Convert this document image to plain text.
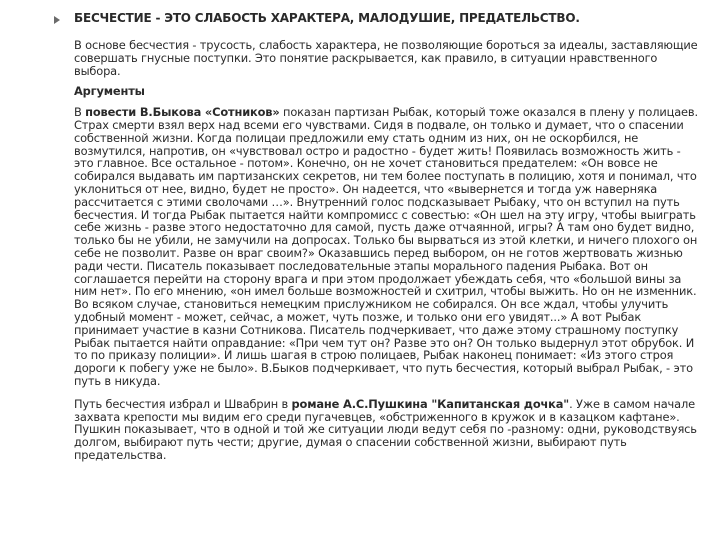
БЕСЧЕСТИЕ - ЭТО СЛАБОСТЬ ХАРАКТЕРА, МАЛОДУШИЕ, ПРЕДАТЕЛЬСТВО.

В основе бесчестия - трусость, слабость характера, не позволяющие бороться за идеалы, заставляющие совершать гнусные поступки. Это понятие раскрывается, как правило, в ситуации нравственного выбора.

Аргументы

В повести В.Быкова «Сотников» показан партизан Рыбак, который тоже оказался в плену у полицаев. Страх смерти взял верх над всеми его чувствами. Сидя в подвале, он только и думает, что о спасении собственной жизни. Когда полицаи предложили ему стать одним из них, он не оскорбился, не возмутился, напротив, он «чувствовал остро и радостно - будет жить! Появилась возможность жить - это главное. Все остальное - потом». Конечно, он не хочет становиться предателем: «Он вовсе не собирался выдавать им партизанских секретов, ни тем более поступать в полицию, хотя и понимал, что уклониться от нее, видно, будет не просто». Он надеется, что «вывернется и тогда уж наверняка рассчитается с этими сволочами …». Внутренний голос подсказывает Рыбаку, что он вступил на путь бесчестия. И тогда Рыбак пытается найти компромисс с совестью: «Он шел на эту игру, чтобы выиграть себе жизнь - разве этого недостаточно для самой, пусть даже отчаянной, игры? А там оно будет видно, только бы не убили, не замучили на допросах. Только бы вырваться из этой клетки, и ничего плохого он себе не позволит. Разве он враг своим?» Оказавшись перед выбором, он не готов жертвовать жизнью ради чести. Писатель показывает последовательные этапы морального падения Рыбака. Вот он соглашается перейти на сторону врага и при этом продолжает убеждать себя, что «большой вины за ним нет». По его мнению, «он имел больше возможностей и схитрил, чтобы выжить. Но он не изменник. Во всяком случае, становиться немецким прислужником не собирался. Он все ждал, чтобы улучить удобный момент - может, сейчас, а может, чуть позже, и только они его увидят...» А вот Рыбак принимает участие в казни Сотникова. Писатель подчеркивает, что даже этому страшному поступку Рыбак пытается найти оправдание: «При чем тут он? Разве это он? Он только выдернул этот обрубок. И то по приказу полиции». И лишь шагая в строю полицаев, Рыбак наконец понимает: «Из этого строя дороги к побегу уже не было». В.Быков подчеркивает, что путь бесчестия, который выбрал Рыбак, - это путь в никуда.

Путь бесчестия избрал и Швабрин в романе А.С.Пушкина "Капитанская дочка". Уже в самом начале захвата крепости мы видим его среди пугачевцев, «обстриженного в кружок и в казацком кафтане». Пушкин показывает, что в одной и той же ситуации люди ведут себя по -разному: одни, руководствуясь долгом, выбирают путь чести; другие, думая о спасении собственной жизни, выбирают путь предательства.
